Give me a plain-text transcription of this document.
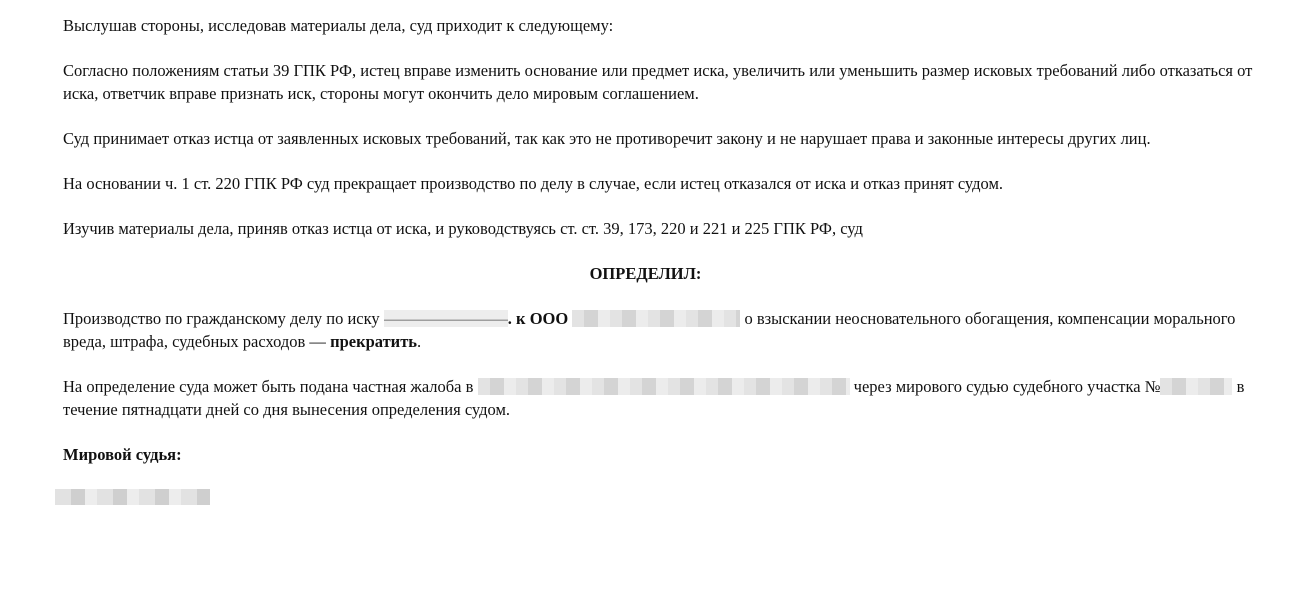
Выслушав стороны, исследовав материалы дела, суд приходит к следующему:

Согласно положениям статьи 39 ГПК РФ, истец вправе изменить основание или предмет иска, увеличить или уменьшить размер исковых требований либо отказаться от иска, ответчик вправе признать иск, стороны могут окончить дело мировым соглашением.

Суд принимает отказ истца от заявленных исковых требований, так как это не противоречит закону и не нарушает права и законные интересы других лиц.

На основании ч. 1 ст. 220 ГПК РФ суд прекращает производство по делу в случае, если истец отказался от иска и отказ принят судом.

Изучив материалы дела, приняв отказ истца от иска, и руководствуясь ст. ст. 39, 173, 220 и 221 и 225 ГПК РФ, суд

ОПРЕДЕЛИЛ:

Производство по гражданскому делу по иску	. к ООО	о взыскании неосновательного обогащения, компенсации морального вреда, штрафа, судебных расходов — прекратить.

На определение суда может быть подана частная жалоба в	через мирового судью судебного участка №	в течение пятнадцати дней со дня вынесения определения судом.

Мировой судья:
